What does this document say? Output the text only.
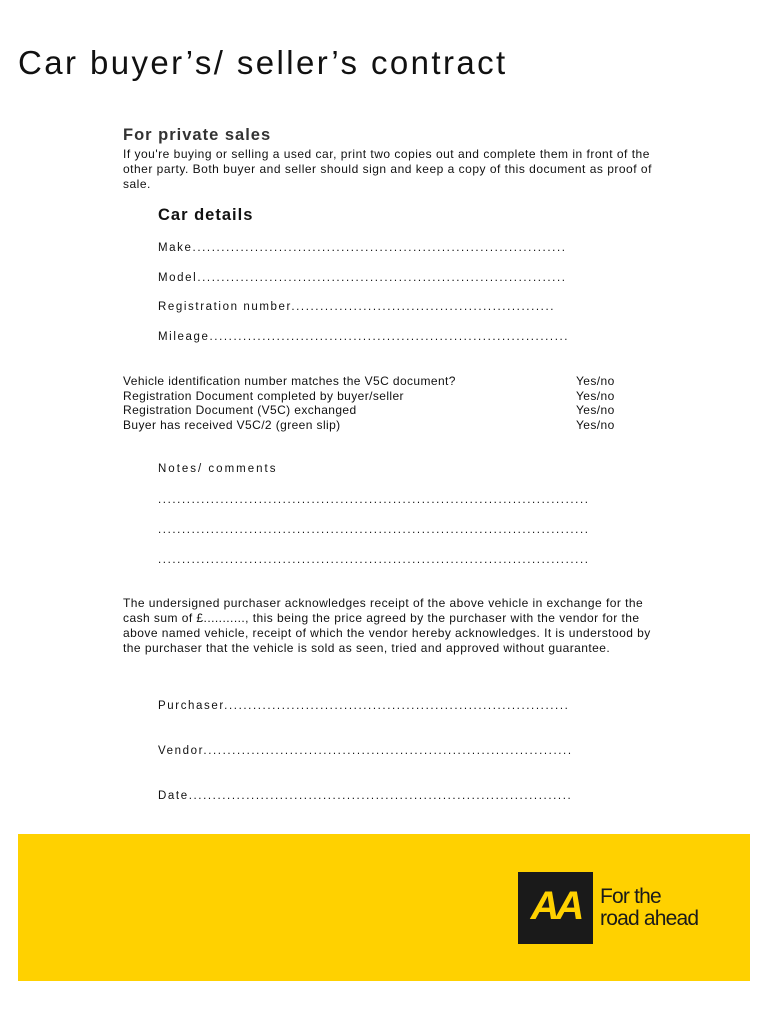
Car buyer’s/ seller’s contract
For private sales

If you're buying or selling a used car, print two copies out and complete them in front of the other party. Both buyer and seller should sign and keep a copy of this document as proof of sale.

Car details
Make..............................................................................
Model.............................................................................
Registration number.......................................................
Mileage...........................................................................
Vehicle identification number matches the V5C document?	Yes/no
Registration Document completed by buyer/seller	Yes/no
Registration Document (V5C) exchanged	Yes/no
Buyer has received V5C/2 (green slip)	Yes/no
Notes/ comments
..........................................................................................
..........................................................................................
..........................................................................................

The undersigned purchaser acknowledges receipt of the above vehicle in exchange for the cash sum of £..........., this being the price agreed by the purchaser with the vendor for the above named vehicle, receipt of which the vendor hereby acknowledges. It is understood by the purchaser that the vehicle is sold as seen, tried and approved without guarantee.

Purchaser........................................................................
Vendor.............................................................................
Date................................................................................
AA For the
road ahead
